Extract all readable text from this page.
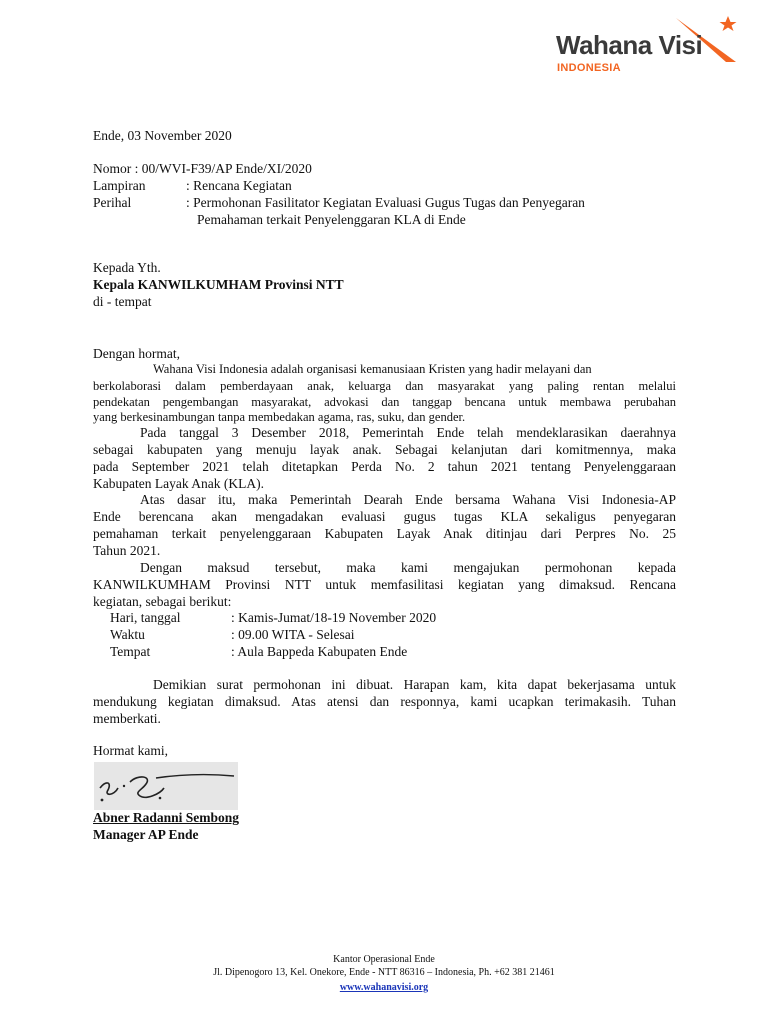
Wahana Visi
INDONESIA
Ende, 03 November 2020
Nomor : 00/WVI-F39/AP Ende/XI/2020
Lampiran	: Rencana Kegiatan
Perihal	: Permohonan Fasilitator Kegiatan Evaluasi Gugus Tugas dan Penyegaran
Pemahaman terkait Penyelenggaran KLA di Ende
Kepada Yth.
Kepala KANWILKUMHAM Provinsi NTT
di - tempat
Dengan hormat,
Wahana Visi Indonesia adalah organisasi kemanusiaan Kristen yang hadir melayani dan
berkolaborasi dalam pemberdayaan anak, keluarga dan masyarakat yang paling rentan melalui
pendekatan pengembangan masyarakat, advokasi dan tanggap bencana untuk membawa perubahan
yang berkesinambungan tanpa membedakan agama, ras, suku, dan gender.
Pada tanggal 3 Desember 2018, Pemerintah Ende telah mendeklarasikan daerahnya
sebagai kabupaten yang menuju layak anak. Sebagai kelanjutan dari komitmennya, maka
pada September 2021 telah ditetapkan Perda No. 2 tahun 2021 tentang Penyelenggaraan
Kabupaten Layak Anak (KLA).
Atas dasar itu, maka Pemerintah Dearah Ende bersama Wahana Visi Indonesia-AP
Ende berencana akan mengadakan evaluasi gugus tugas KLA sekaligus penyegaran
pemahaman terkait penyelenggaraan Kabupaten Layak Anak ditinjau dari Perpres No. 25
Tahun 2021.
Dengan maksud tersebut, maka kami mengajukan permohonan kepada
KANWILKUMHAM Provinsi NTT untuk memfasilitasi kegiatan yang dimaksud. Rencana
kegiatan, sebagai berikut:
Hari, tanggal	: Kamis-Jumat/18-19 November 2020
Waktu	: 09.00 WITA - Selesai
Tempat	: Aula Bappeda Kabupaten Ende
Demikian surat permohonan ini dibuat. Harapan kam, kita dapat bekerjasama untuk
mendukung kegiatan dimaksud. Atas atensi dan responnya, kami ucapkan terimakasih. Tuhan
memberkati.
Hormat kami,
Abner Radanni Sembong
Manager AP Ende
Kantor Operasional Ende
Jl. Dipenogoro 13, Kel. Onekore, Ende - NTT 86316 – Indonesia, Ph. +62 381 21461
www.wahanavisi.org
